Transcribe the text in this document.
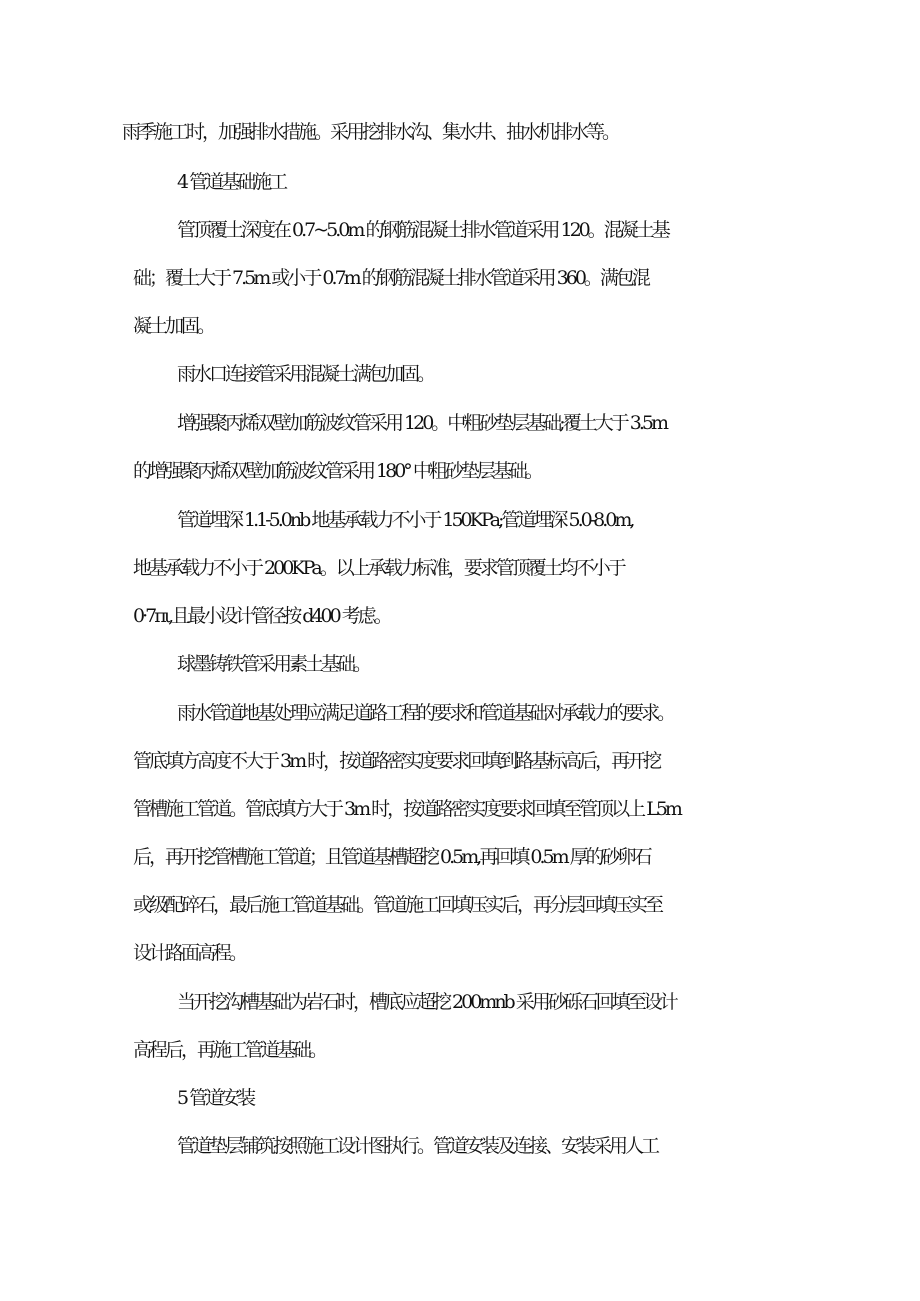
雨季施工时，加强排水措施。采用挖排水沟、集水井、抽水机排水等。
4 管道基础施工
管顶覆土深度在 0.7~5.0m 的钢筋混凝土排水管道采用 120。混凝土基
础；覆土大于 7.5m 或小于 0.7m 的钢筋混凝土排水管道采用 360。满包混
凝土加固。
雨水口连接管采用混凝土满包加固。
增强聚丙烯双壁加筋波纹管采用 120。中粗砂垫层基础;覆土大于 3.5m
的增强聚丙烯双壁加筋波纹管采用 180° 中粗砂垫层基础。
管道埋深 1.1-5.0nb 地基承载力不小于 150KPa;管道埋深 5.0-8.0m,
地基承载力不小于 200KPa。以上承载力标准，要求管顶覆土均不小于
0·7πι,且最小设计管径按 d400 考虑。
球墨铸铁管采用素土基础。
雨水管道地基处理应满足道路工程的要求和管道基础对承载力的要求。
管底填方高度不大于 3m 时，按道路密实度要求回填到路基标高后，再开挖
管槽施工管道。管底填方大于 3m 时，按道路密实度要求回填至管顶以上 L5m
后，再开挖管槽施工管道；且管道基槽超挖 0.5m,再回填 0.5m 厚的砂卵石
或级配碎石，最后施工管道基础。管道施工回填压实后，再分层回填压实至
设计路面高程。
当开挖沟槽基础为岩石时，槽底应超挖 200mnb 采用砂砾石回填至设计
高程后，再施工管道基础。
5 管道安装
管道垫层铺筑按照施工设计图执行。管道安装及连接、安装采用人工
